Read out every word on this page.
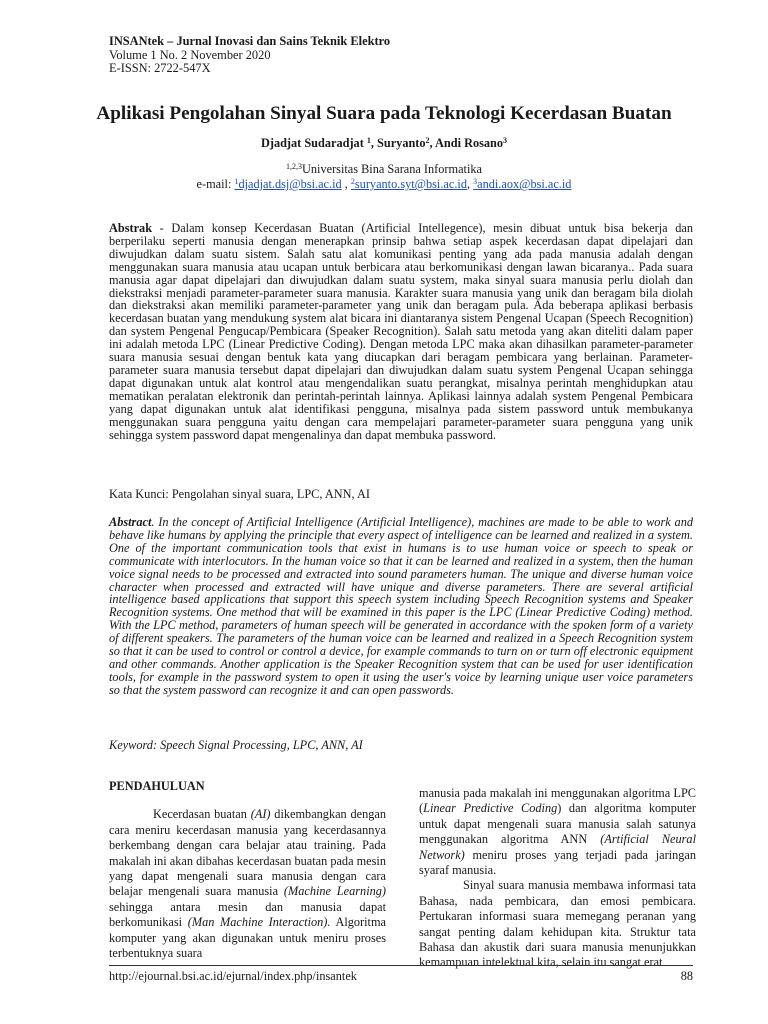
INSANtek – Jurnal Inovasi dan Sains Teknik Elektro
Volume 1 No. 2 November 2020
E-ISSN: 2722-547X
Aplikasi Pengolahan Sinyal Suara pada Teknologi Kecerdasan Buatan
Djadjat Sudaradjat $^1$, Suryanto$^2$, Andi Rosano$^3$
$^{1,2,3}$Universitas Bina Sarana Informatika
e-mail: $^1$djadjat.dsj@bsi.ac.id , $^2$suryanto.syt@bsi.ac.id, $^3$andi.aox@bsi.ac.id
Abstrak - Dalam konsep Kecerdasan Buatan (Artificial Intellegence), mesin dibuat untuk bisa bekerja dan berperilaku seperti manusia dengan menerapkan prinsip bahwa setiap aspek kecerdasan dapat dipelajari dan diwujudkan dalam suatu sistem. Salah satu alat komunikasi penting yang ada pada manusia adalah dengan menggunakan suara manusia atau ucapan untuk berbicara atau berkomunikasi dengan lawan bicaranya.. Pada suara manusia agar dapat dipelajari dan diwujudkan dalam suatu system, maka sinyal suara manusia perlu diolah dan diekstraksi menjadi parameter-parameter suara manusia. Karakter suara manusia yang unik dan beragam bila diolah dan diekstraksi akan memiliki parameter-parameter yang unik dan beragam pula. Ada beberapa aplikasi berbasis kecerdasan buatan yang mendukung system alat bicara ini diantaranya sistem Pengenal Ucapan (Speech Recognition) dan system Pengenal Pengucap/Pembicara (Speaker Recognition). Salah satu metoda yang akan diteliti dalam paper ini adalah metoda LPC (Linear Predictive Coding). Dengan metoda LPC maka akan dihasilkan parameter-parameter suara manusia sesuai dengan bentuk kata yang diucapkan dari beragam pembicara yang berlainan. Parameter-parameter suara manusia tersebut dapat dipelajari dan diwujudkan dalam suatu system Pengenal Ucapan sehingga dapat digunakan untuk alat kontrol atau mengendalikan suatu perangkat, misalnya perintah menghidupkan atau mematikan peralatan elektronik dan perintah-perintah lainnya. Aplikasi lainnya adalah system Pengenal Pembicara yang dapat digunakan untuk alat identifikasi pengguna, misalnya pada sistem password untuk membukanya menggunakan suara pengguna yaitu dengan cara mempelajari parameter-parameter suara pengguna yang unik sehingga system password dapat mengenalinya dan dapat membuka password.
Kata Kunci: Pengolahan sinyal suara, LPC, ANN, AI
Abstract. In the concept of Artificial Intelligence (Artificial Intelligence), machines are made to be able to work and behave like humans by applying the principle that every aspect of intelligence can be learned and realized in a system. One of the important communication tools that exist in humans is to use human voice or speech to speak or communicate with interlocutors. In the human voice so that it can be learned and realized in a system, then the human voice signal needs to be processed and extracted into sound parameters human. The unique and diverse human voice character when processed and extracted will have unique and diverse parameters. There are several artificial intelligence based applications that support this speech system including Speech Recognition systems and Speaker Recognition systems. One method that will be examined in this paper is the LPC (Linear Predictive Coding) method. With the LPC method, parameters of human speech will be generated in accordance with the spoken form of a variety of different speakers. The parameters of the human voice can be learned and realized in a Speech Recognition system so that it can be used to control or control a device, for example commands to turn on or turn off electronic equipment and other commands. Another application is the Speaker Recognition system that can be used for user identification tools, for example in the password system to open it using the user's voice by learning unique user voice parameters so that the system password can recognize it and can open passwords.
Keyword: Speech Signal Processing, LPC, ANN, AI
PENDAHULUAN

Kecerdasan buatan (AI) dikembangkan dengan cara meniru kecerdasan manusia yang kecerdasannya berkembang dengan cara belajar atau training. Pada makalah ini akan dibahas kecerdasan buatan pada mesin yang dapat mengenali suara manusia dengan cara belajar mengenali suara manusia (Machine Learning) sehingga antara mesin dan manusia dapat berkomunikasi (Man Machine Interaction). Algoritma komputer yang akan digunakan untuk meniru proses terbentuknya suara

manusia pada makalah ini menggunakan algoritma LPC (Linear Predictive Coding) dan algoritma komputer untuk dapat mengenali suara manusia salah satunya menggunakan algoritma ANN (Artificial Neural Network) meniru proses yang terjadi pada jaringan syaraf manusia.

Sinyal suara manusia membawa informasi tata Bahasa, nada pembicara, dan emosi pembicara. Pertukaran informasi suara memegang peranan yang sangat penting dalam kehidupan kita. Struktur tata Bahasa dan akustik dari suara manusia menunjukkan kemampuan intelektual kita, selain itu sangat erat

http://ejournal.bsi.ac.id/ejurnal/index.php/insantek	88
